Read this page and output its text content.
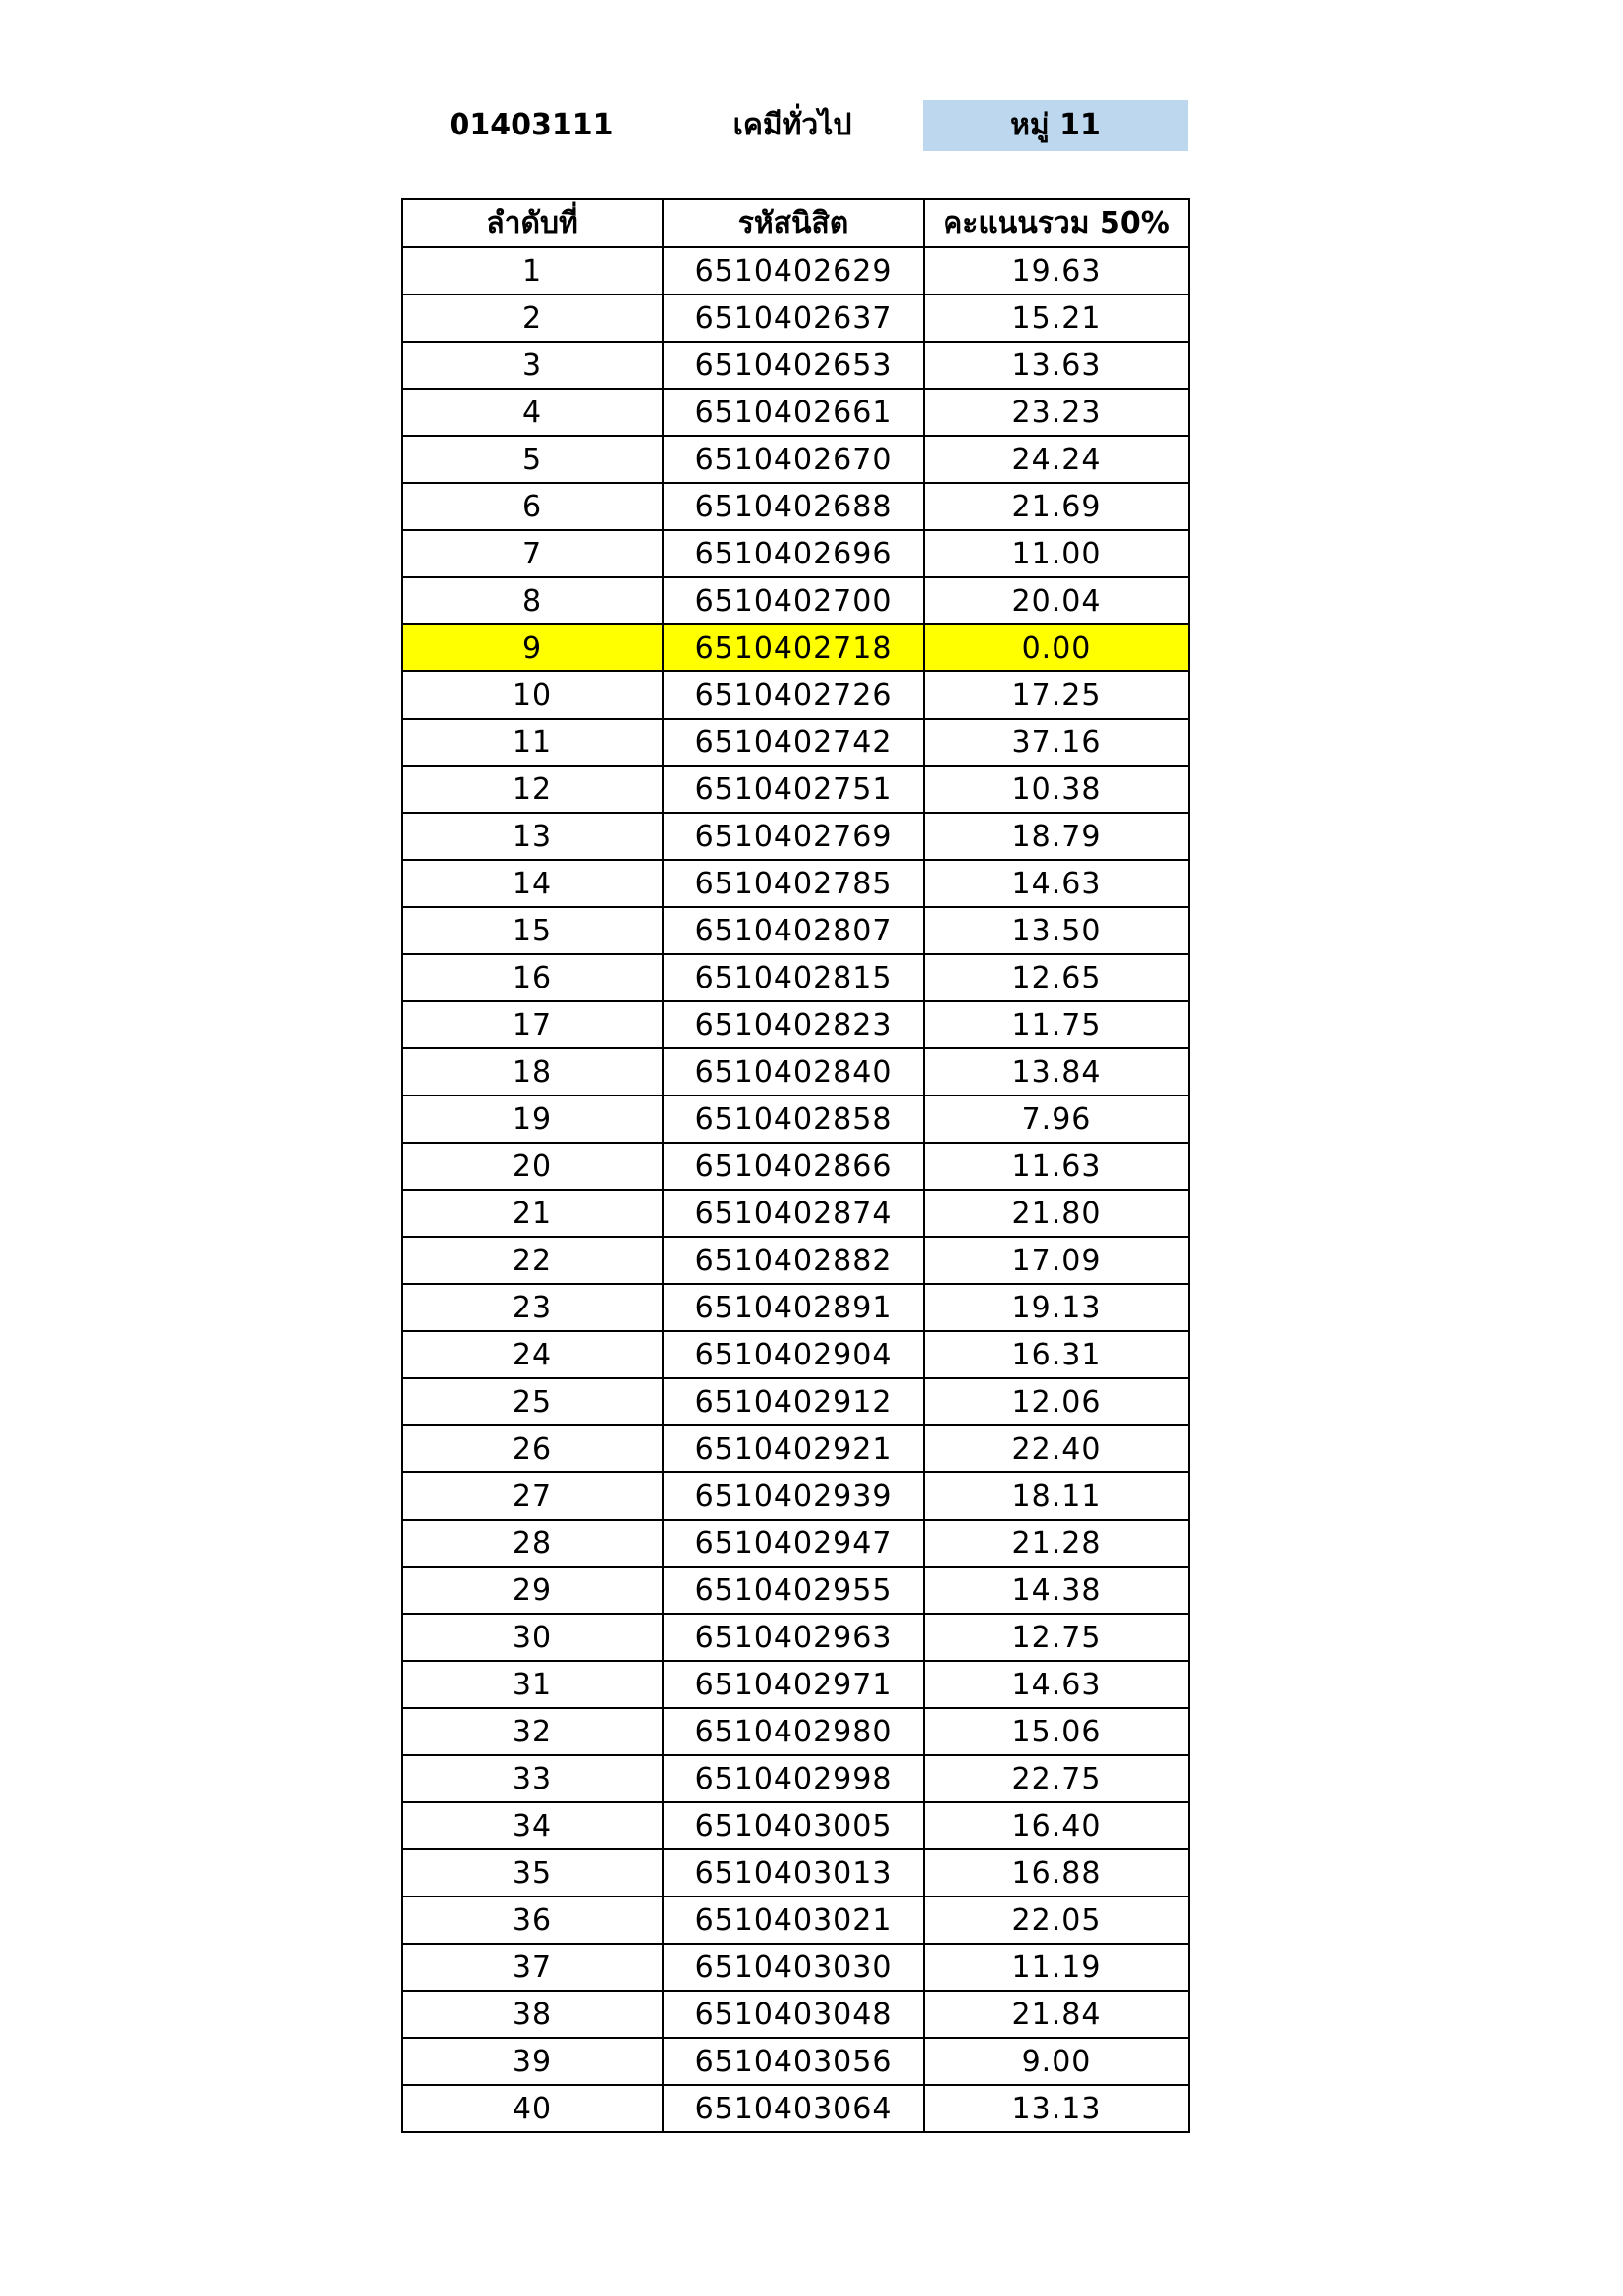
01403111	เคมีทั่วไป	หมู่ 11
ลำดับที่	รหัสนิสิต	คะแนนรวม 50%
1	6510402629	19.63
2	6510402637	15.21
3	6510402653	13.63
4	6510402661	23.23
5	6510402670	24.24
6	6510402688	21.69
7	6510402696	11.00
8	6510402700	20.04
9	6510402718	0.00
10	6510402726	17.25
11	6510402742	37.16
12	6510402751	10.38
13	6510402769	18.79
14	6510402785	14.63
15	6510402807	13.50
16	6510402815	12.65
17	6510402823	11.75
18	6510402840	13.84
19	6510402858	7.96
20	6510402866	11.63
21	6510402874	21.80
22	6510402882	17.09
23	6510402891	19.13
24	6510402904	16.31
25	6510402912	12.06
26	6510402921	22.40
27	6510402939	18.11
28	6510402947	21.28
29	6510402955	14.38
30	6510402963	12.75
31	6510402971	14.63
32	6510402980	15.06
33	6510402998	22.75
34	6510403005	16.40
35	6510403013	16.88
36	6510403021	22.05
37	6510403030	11.19
38	6510403048	21.84
39	6510403056	9.00
40	6510403064	13.13
